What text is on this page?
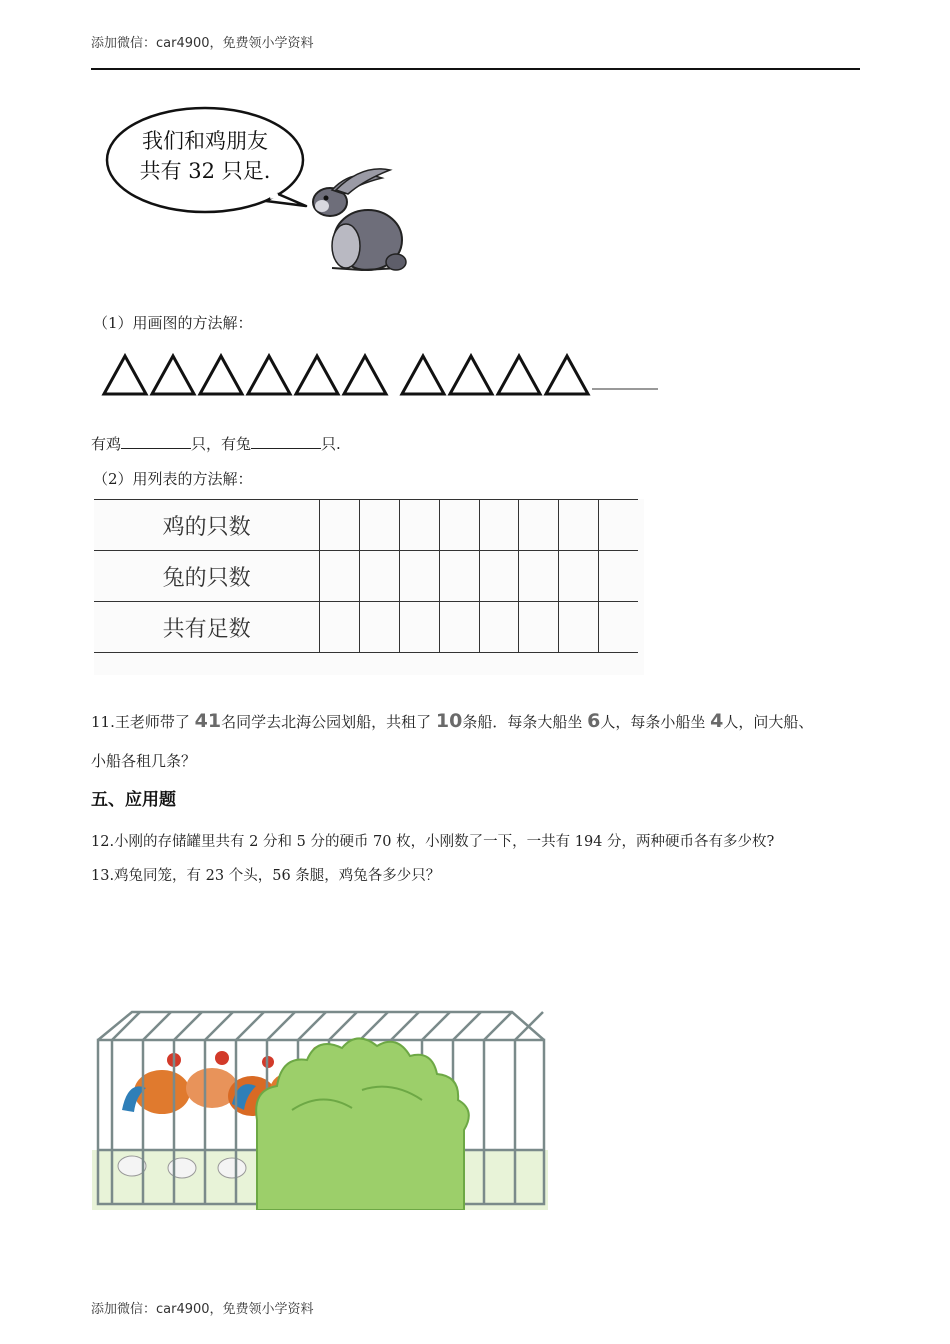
添加微信：car4900，免费领小学资料
我们和鸡朋友
共有 32 只足.
（1）用画图的方法解：
有鸡	只，有兔	只.
（2）用列表的方法解：
鸡的只数								
兔的只数								
共有足数								
11.王老师带了 41名同学去北海公园划船，共租了 10条船．每条大船坐 6人，每条小船坐 4人，问大船、
小船各租几条？
五、应用题
12.小刚的存储罐里共有 2 分和 5 分的硬币 70 枚，小刚数了一下，一共有 194 分，两种硬币各有多少枚?
13.鸡兔同笼，有 23 个头，56 条腿，鸡兔各多少只？
添加微信：car4900，免费领小学资料
